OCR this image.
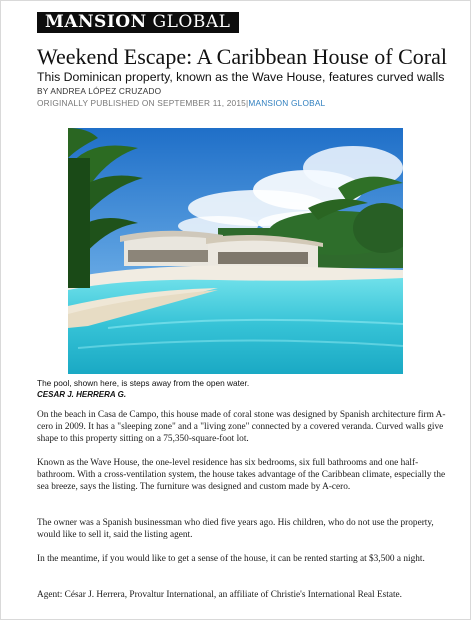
MANSION GLOBAL
Weekend Escape: A Caribbean House of Coral
This Dominican property, known as the Wave House, features curved walls
BY ANDREA LÓPEZ CRUZADO
ORIGINALLY PUBLISHED ON SEPTEMBER 11, 2015|MANSION GLOBAL
The pool, shown here, is steps away from the open water.
CESAR J. HERRERA G.

On the beach in Casa de Campo, this house made of coral stone was designed by Spanish architecture firm A-cero in 2009. It has a "sleeping zone" and a "living zone" connected by a covered veranda. Curved walls give shape to this property sitting on a 75,350-square-foot lot.

Known as the Wave House, the one-level residence has six bedrooms, six full bathrooms and one half-bathroom. With a cross-ventilation system, the house takes advantage of the Caribbean climate, especially the sea breeze, says the listing. The furniture was designed and custom made by A-cero.

The owner was a Spanish businessman who died five years ago. His children, who do not use the property, would like to sell it, said the listing agent.

In the meantime, if you would like to get a sense of the house, it can be rented starting at $3,500 a night.

Agent: César J. Herrera, Provaltur International, an affiliate of Christie's International Real Estate.
